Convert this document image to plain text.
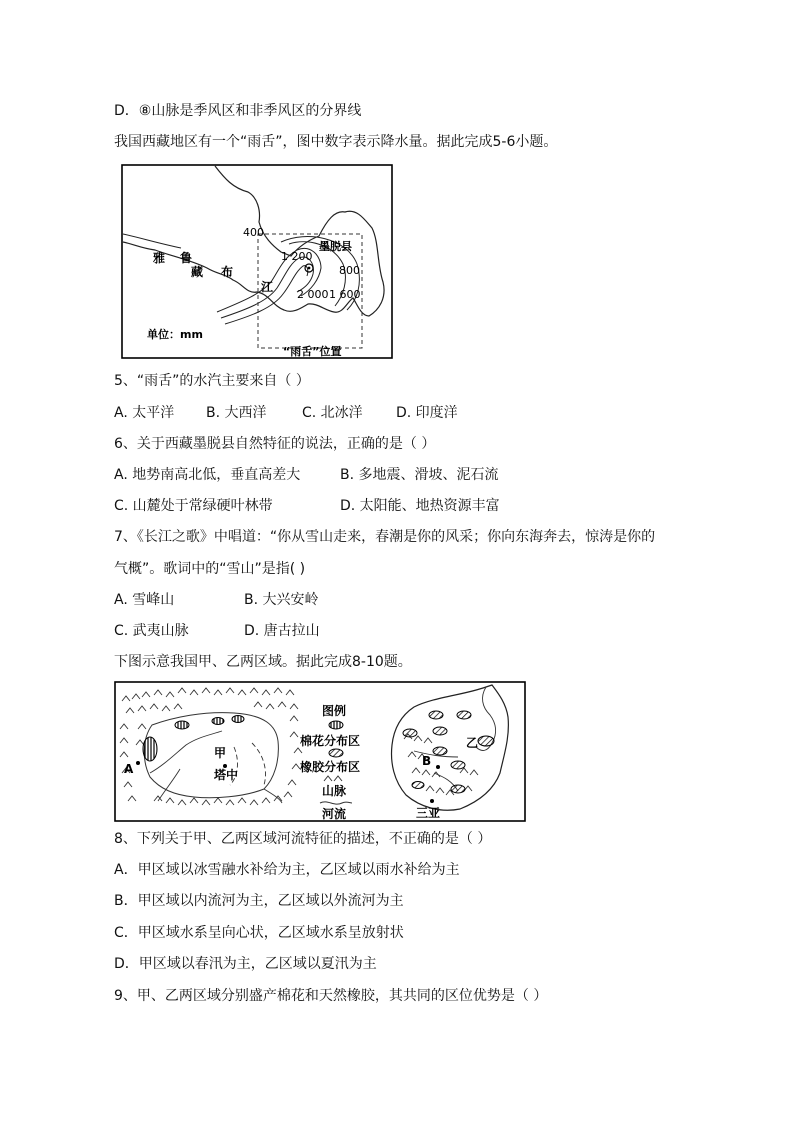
D．⑧山脉是季风区和非季风区的分界线
我国西藏地区有一个“雨舌”，图中数字表示降水量。据此完成5-6小题。
雅 鲁
藏 布
江
400
1 200
800
2 000 1 600
墨脱县
单位：mm
“雨舌”位置
5、“雨舌”的水汽主要来自（ ）
A. 太平洋 B. 大西洋	C. 北冰洋 D. 印度洋
6、关于西藏墨脱县自然特征的说法，正确的是（ ）
A. 地势南高北低，垂直高差大	B. 多地震、滑坡、泥石流
C. 山麓处于常绿硬叶林带	D. 太阳能、地热资源丰富
7、《长江之歌》中唱道：“你从雪山走来，春潮是你的风采；你向东海奔去，惊涛是你的
气概”。歌词中的“雪山”是指( )
A. 雪峰山	B. 大兴安岭
C. 武夷山脉	D. 唐古拉山
下图示意我国甲、乙两区域。据此完成8-10题。
甲
塔中
A
图例
棉花分布区
橡胶分布区
山脉
河流
乙
B
三亚
8、下列关于甲、乙两区域河流特征的描述，不正确的是（ ）
A．甲区域以冰雪融水补给为主，乙区域以雨水补给为主
B．甲区域以内流河为主，乙区域以外流河为主
C．甲区域水系呈向心状，乙区域水系呈放射状
D．甲区域以春汛为主，乙区域以夏汛为主
9、甲、乙两区域分别盛产棉花和天然橡胶，其共同的区位优势是（ ）
